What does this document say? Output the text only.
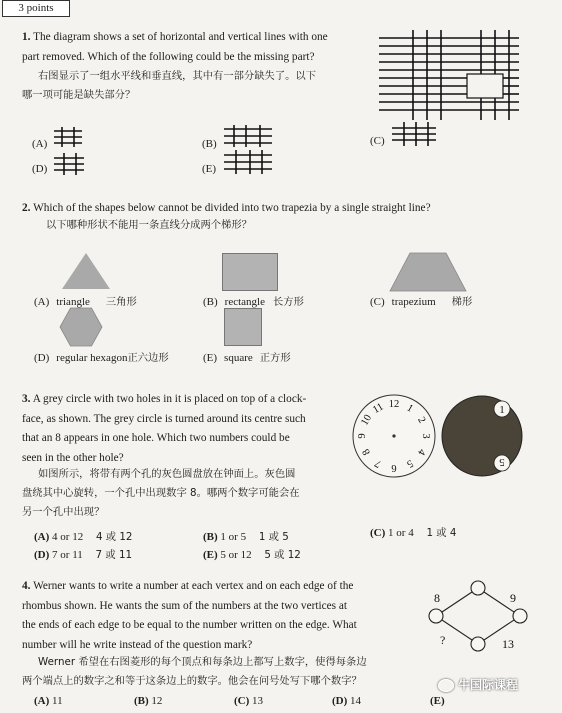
3 points
1. The diagram shows a set of horizontal and vertical lines with one
part removed. Which of the following could be the missing part?
右图显示了一组水平线和垂直线，其中有一部分缺失了。以下
哪一项可能是缺失部分？
(A)
(D)
(B)
(E)
(C)
2. Which of the shapes below cannot be divided into two trapezia by a single straight line?
以下哪种形状不能用一条直线分成两个梯形？
(A) triangle 三角形	(B) rectangle 长方形	(C) trapezium 梯形
(D) regular hexagon正六边形	(E) square 正方形
3. A grey circle with two holes in it is placed on top of a clock-
face, as shown. The grey circle is turned around its centre such
that an 8 appears in one hole. Which two numbers could be
seen in the other hole?
如图所示，将带有两个孔的灰色圆盘放在钟面上。灰色圆
盘绕其中心旋转，一个孔中出现数字 8。哪两个数字可能会在
另一个孔中出现？
12 1
2
3
4
5
6
7
8
9
10
11	1
5
(A) 4 or 12 4 或 12	(B) 1 or 5 1 或 5	(C) 1 or 4 1 或 4
(D) 7 or 11 7 或 11	(E) 5 or 12 5 或 12
4. Werner wants to write a number at each vertex and on each edge of the
rhombus shown. He wants the sum of the numbers at the two vertices at
the ends of each edge to be equal to the number written on the edge. What
number will he write instead of the question mark?
Werner 希望在右图菱形的每个顶点和每条边上都写上数字，使得每条边
两个端点上的数字之和等于这条边上的数字。他会在问号处写下哪个数字？
8	9
?	13
(A) 11	(B) 12	(C) 13	(D) 14	(E)
牛国际课程
